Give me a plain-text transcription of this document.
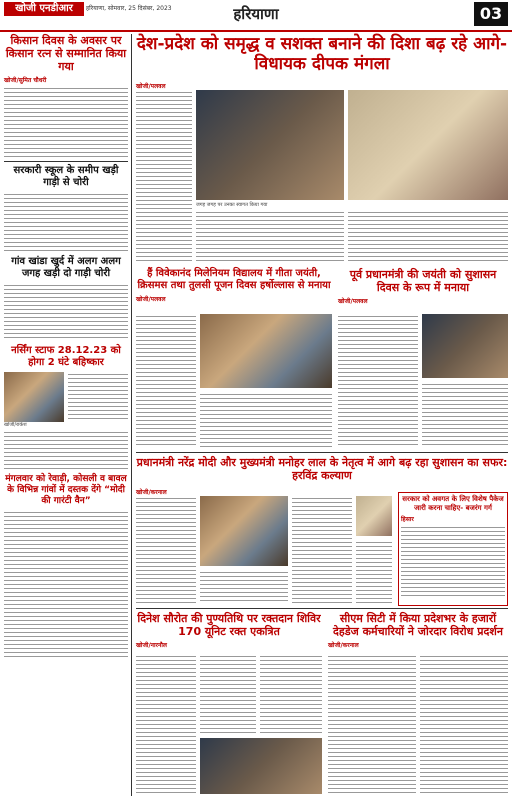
खोजी एनडीआर	हरियाणा, सोमवार, 25 दिसंबर, 2023	हरियाणा	03
किसान दिवस के अवसर पर किसान रत्न से सम्मानित किया गया
खोजी/सुमित चौधरी
सरकारी स्कूल के समीप खड़ी गाड़ी से चोरी
गांव खांडा खुर्द में अलग अलग जगह खड़ी दो गाड़ी चोरी
नर्सिंग स्टाफ 28.12.23 को होगा 2 घंटे बहिष्कार
खोजी/राकेश
मंगलवार को रेवाड़ी, कोसली व बावल के विभिन्न गांवों में दस्तक देंगे “मोदी की गारंटी वैन”
देश-प्रदेश को समृद्ध व सशक्त बनाने की दिशा बढ़ रहे आगे- विधायक दीपक मंगला
खोजी/पलवल
जगह जगह पर उनका स्वागत किया गया
हैं विवेकानंद मिलेनियम विद्यालय में गीता जयंती, क्रिसमस तथा तुलसी पूजन दिवस हर्षोल्लास से मनाया
खोजी/पलवल
पूर्व प्रधानमंत्री की जयंती को सुशासन दिवस के रूप में मनाया
खोजी/पलवल
प्रधानमंत्री नरेंद्र मोदी और मुख्यमंत्री मनोहर लाल के नेतृत्व में आगे बढ़ रहा सुशासन का सफर: हरविंद्र कल्याण
खोजी/करनाल
सरकार को अवगत के लिए विशेष पैकेज जारी करना चाहिए- बजरंग गर्ग
हिसार
दिनेश सौरोत की पुण्यतिथि पर रक्तदान शिविर 170 यूनिट रक्त एकत्रित
खोजी/नारनौल
सीएम सिटी में किया प्रदेशभर के हजारों देहडेज कर्मचारियों ने जोरदार विरोध प्रदर्शन
खोजी/करनाल
